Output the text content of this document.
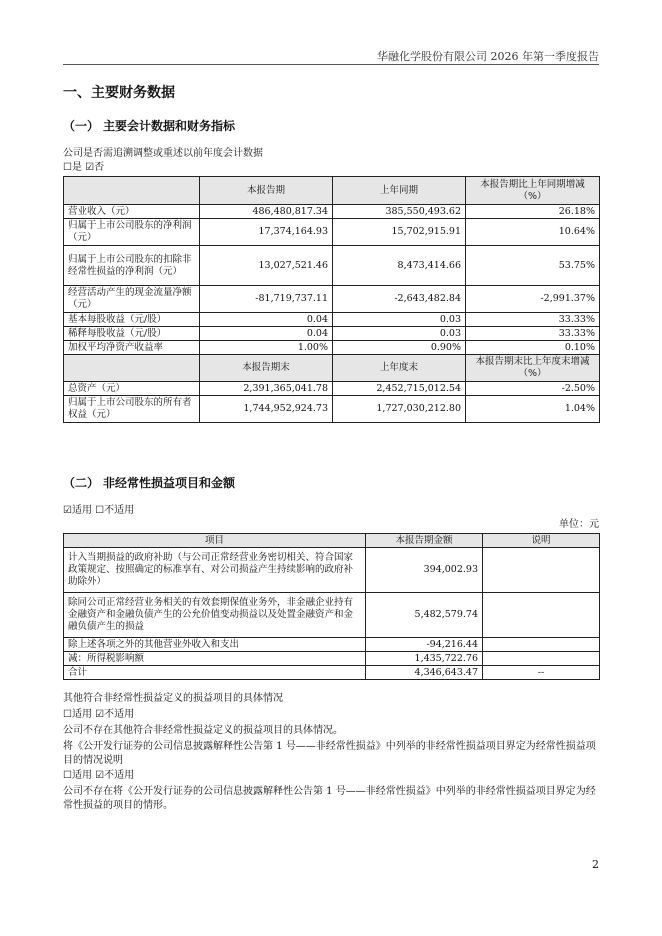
华融化学股份有限公司 2026 年第一季度报告
一、主要财务数据
（一） 主要会计数据和财务指标
公司是否需追溯调整或重述以前年度会计数据
☐是 ☑否
	本报告期	上年同期	本报告期比上年同期增减（%）
营业收入（元）	486,480,817.34	385,550,493.62	26.18%
归属于上市公司股东的净利润（元）	17,374,164.93	15,702,915.91	10.64%
归属于上市公司股东的扣除非经常性损益的净利润（元）	13,027,521.46	8,473,414.66	53.75%
经营活动产生的现金流量净额（元）	-81,719,737.11	-2,643,482.84	-2,991.37%
基本每股收益（元/股）	0.04	0.03	33.33%
稀释每股收益（元/股）	0.04	0.03	33.33%
加权平均净资产收益率	1.00%	0.90%	0.10%
	本报告期末	上年度末	本报告期末比上年度末增减（%）
总资产（元）	2,391,365,041.78	2,452,715,012.54	-2.50%
归属于上市公司股东的所有者权益（元）	1,744,952,924.73	1,727,030,212.80	1.04%
（二） 非经常性损益项目和金额
☑适用 ☐不适用
单位：元
项目	本报告期金额	说明
计入当期损益的政府补助（与公司正常经营业务密切相关、符合国家政策规定、按照确定的标准享有、对公司损益产生持续影响的政府补助除外）	394,002.93	
除同公司正常经营业务相关的有效套期保值业务外，非金融企业持有金融资产和金融负债产生的公允价值变动损益以及处置金融资产和金融负债产生的损益	5,482,579.74	
除上述各项之外的其他营业外收入和支出	-94,216.44	
减：所得税影响额	1,435,722.76	
合计	4,346,643.47	--
其他符合非经常性损益定义的损益项目的具体情况
☐适用 ☑不适用
公司不存在其他符合非经常性损益定义的损益项目的具体情况。
将《公开发行证券的公司信息披露解释性公告第 1 号——非经常性损益》中列举的非经常性损益项目界定为经常性损益项目的情况说明
☐适用 ☑不适用
公司不存在将《公开发行证券的公司信息披露解释性公告第 1 号——非经常性损益》中列举的非经常性损益项目界定为经常性损益的项目的情形。
2
